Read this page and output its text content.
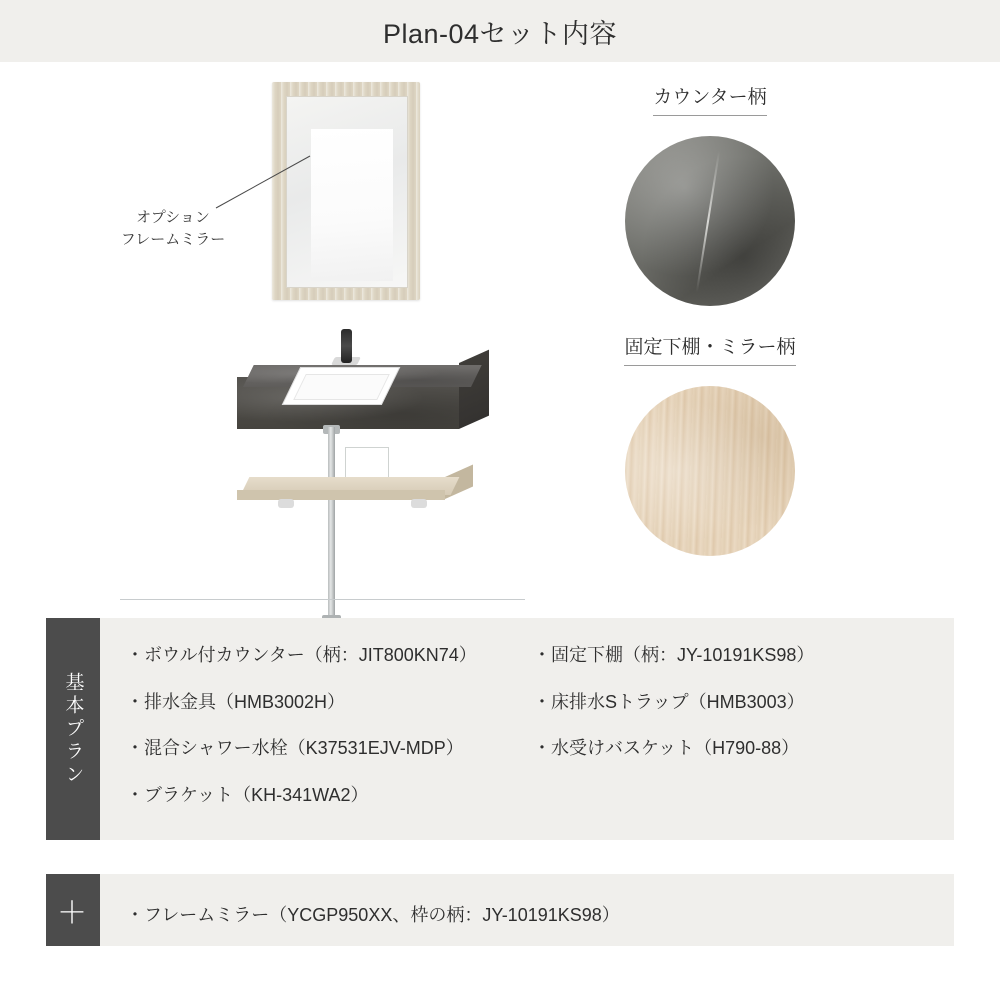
Plan-04セット内容
オプション
フレームミラー
カウンター柄
固定下棚・ミラー柄
基本プラン
・ボウル付カウンター（柄：JIT800KN74）	・固定下棚（柄：JY-10191KS98）
・排水金具（HMB3002H）	・床排水Sトラップ（HMB3003）
・混合シャワー水栓（K37531EJV-MDP）	・水受けバスケット（H790-88）
・ブラケット（KH-341WA2）
＋ ・フレームミラー（YCGP950XX、枠の柄：JY-10191KS98）
